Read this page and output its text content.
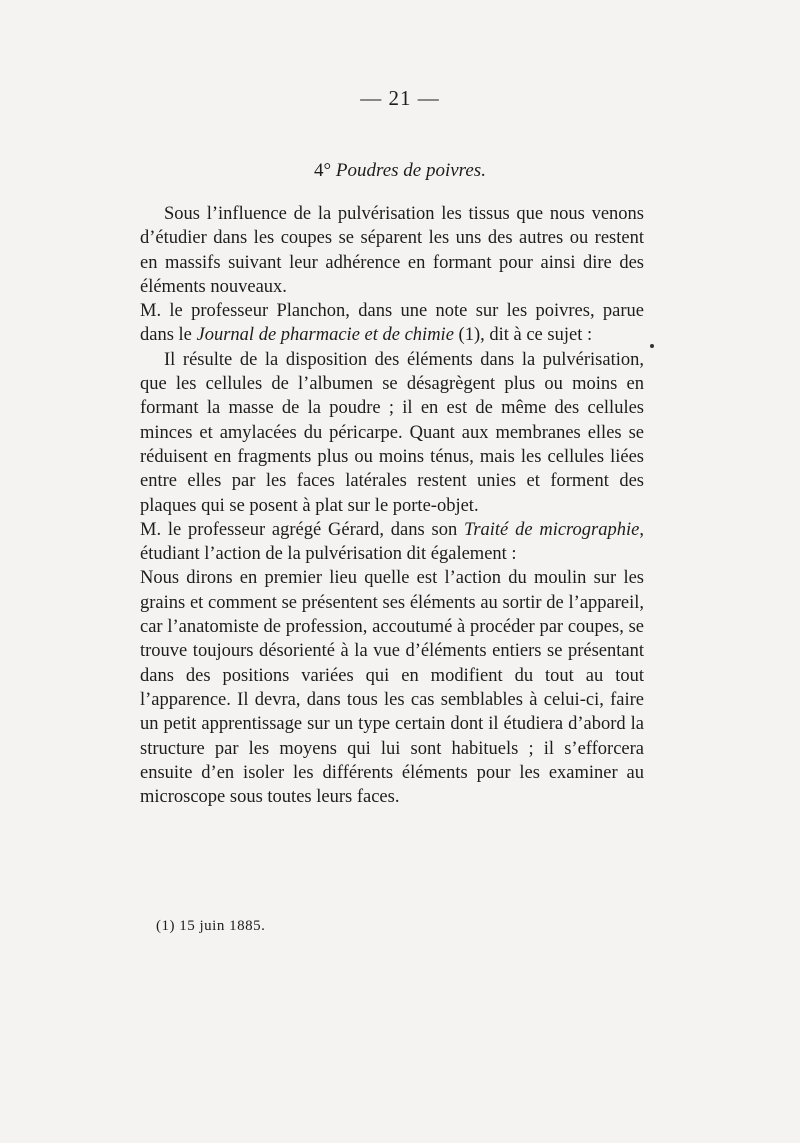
— 21 —
4° Poudres de poivres.

Sous l’influence de la pulvérisation les tissus que nous venons d’étudier dans les coupes se séparent les uns des autres ou restent en massifs suivant leur adhérence en formant pour ainsi dire des éléments nouveaux.

M. le professeur Planchon, dans une note sur les poivres, parue dans le Journal de pharmacie et de chimie (1), dit à ce sujet :

Il résulte de la disposition des éléments dans la pulvérisation, que les cellules de l’albumen se désagrègent plus ou moins en formant la masse de la poudre ; il en est de même des cellules minces et amylacées du péricarpe. Quant aux membranes elles se réduisent en fragments plus ou moins ténus, mais les cellules liées entre elles par les faces latérales restent unies et forment des plaques qui se posent à plat sur le porte-objet.

M. le professeur agrégé Gérard, dans son Traité de micrographie, étudiant l’action de la pulvérisation dit également :

Nous dirons en premier lieu quelle est l’action du moulin sur les grains et comment se présentent ses éléments au sortir de l’appareil, car l’anatomiste de profession, accoutumé à procéder par coupes, se trouve toujours désorienté à la vue d’éléments entiers se présentant dans des positions variées qui en modifient du tout au tout l’apparence. Il devra, dans tous les cas semblables à celui-ci, faire un petit apprentissage sur un type certain dont il étudiera d’abord la structure par les moyens qui lui sont habituels ; il s’efforcera ensuite d’en isoler les différents éléments pour les examiner au microscope sous toutes leurs faces.

(1) 15 juin 1885.
